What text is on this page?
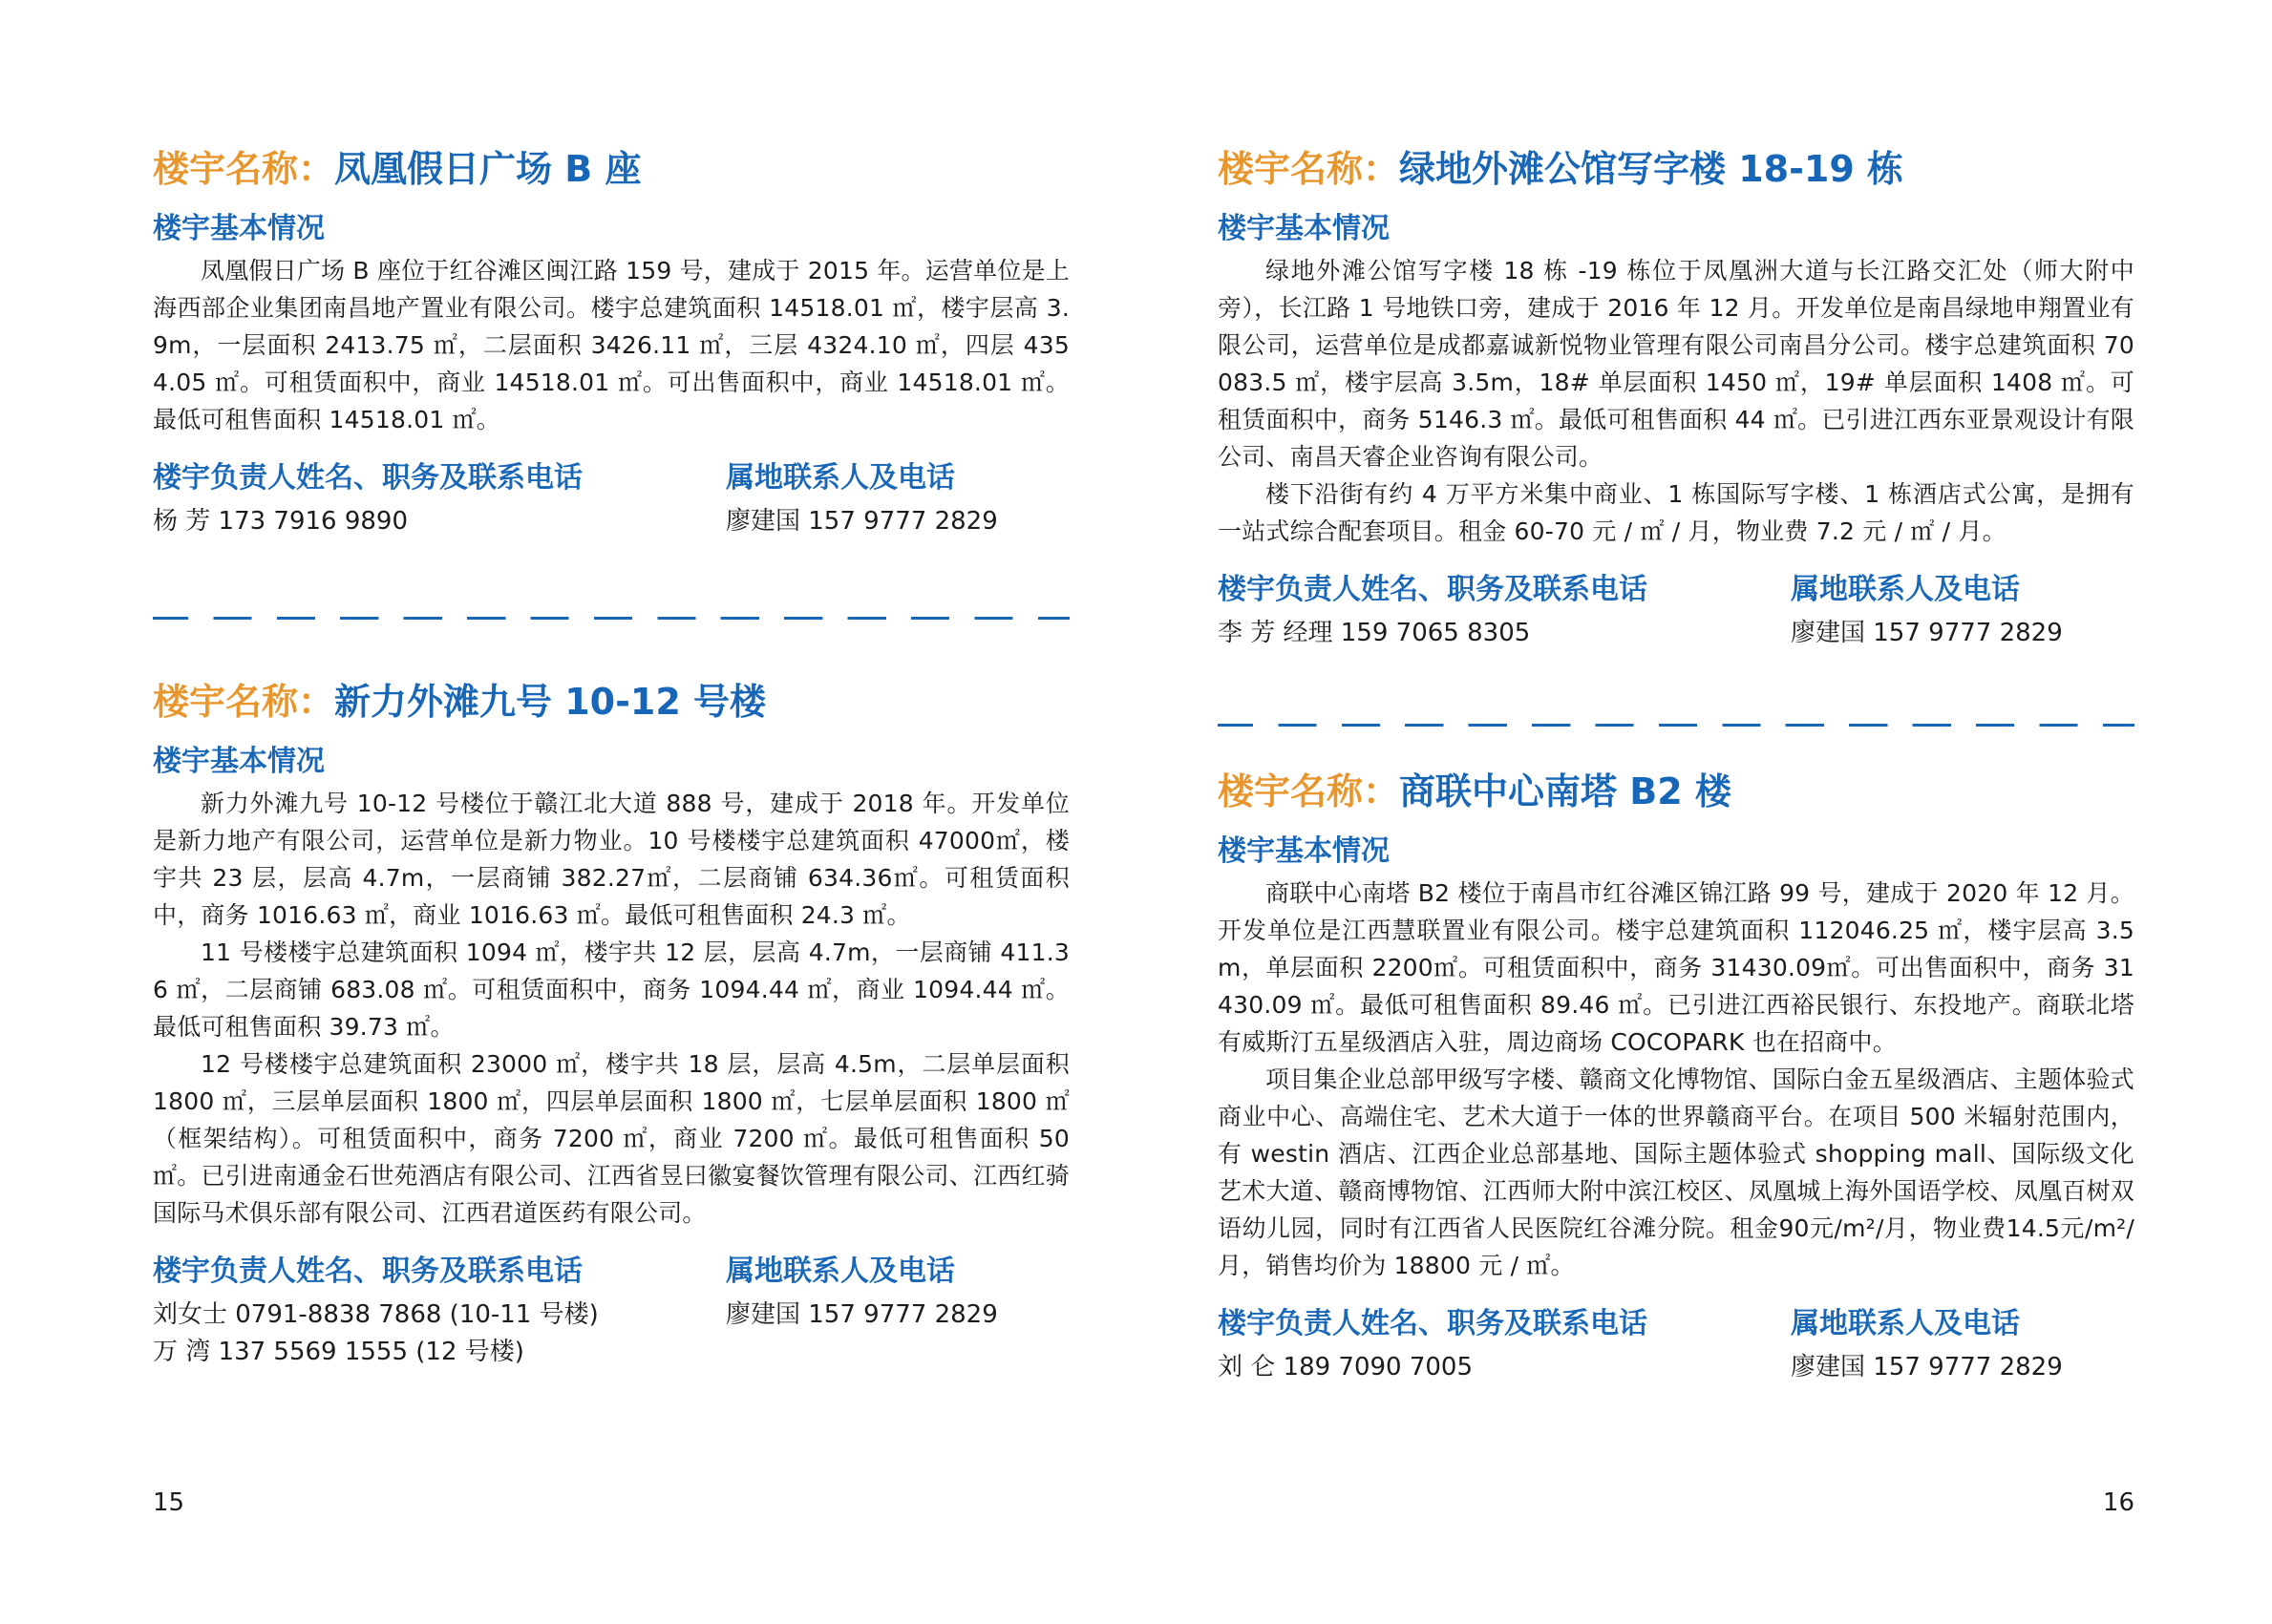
楼宇名称：凤凰假日广场 B 座
楼宇基本情况

凤凰假日广场 B 座位于红谷滩区闽江路 159 号，建成于 2015 年。运营单位是上海西部企业集团南昌地产置业有限公司。楼宇总建筑面积 14518.01 ㎡，楼宇层高 3.9m，一层面积 2413.75 ㎡，二层面积 3426.11 ㎡，三层 4324.10 ㎡，四层 4354.05 ㎡。可租赁面积中，商业 14518.01 ㎡。可出售面积中，商业 14518.01 ㎡。最低可租售面积 14518.01 ㎡。

楼宇负责人姓名、职务及联系电话
杨 芳 173 7916 9890
属地联系人及电话
廖建国 157 9777 2829
楼宇名称：新力外滩九号 10-12 号楼
楼宇基本情况

新力外滩九号 10-12 号楼位于赣江北大道 888 号，建成于 2018 年。开发单位是新力地产有限公司，运营单位是新力物业。10 号楼楼宇总建筑面积 47000㎡，楼宇共 23 层，层高 4.7m，一层商铺 382.27㎡，二层商铺 634.36㎡。可租赁面积中，商务 1016.63 ㎡，商业 1016.63 ㎡。最低可租售面积 24.3 ㎡。

11 号楼楼宇总建筑面积 1094 ㎡，楼宇共 12 层，层高 4.7m，一层商铺 411.36 ㎡，二层商铺 683.08 ㎡。可租赁面积中，商务 1094.44 ㎡，商业 1094.44 ㎡。最低可租售面积 39.73 ㎡。

12 号楼楼宇总建筑面积 23000 ㎡，楼宇共 18 层，层高 4.5m，二层单层面积 1800 ㎡，三层单层面积 1800 ㎡，四层单层面积 1800 ㎡，七层单层面积 1800 ㎡（框架结构）。可租赁面积中，商务 7200 ㎡，商业 7200 ㎡。最低可租售面积 50 ㎡。已引进南通金石世苑酒店有限公司、江西省昱曰徽宴餐饮管理有限公司、江西红骑国际马术俱乐部有限公司、江西君道医药有限公司。

楼宇负责人姓名、职务及联系电话
刘女士 0791-8838 7868 (10-11 号楼)
万 湾 137 5569 1555 (12 号楼)
属地联系人及电话
廖建国 157 9777 2829
15
楼宇名称：绿地外滩公馆写字楼 18-19 栋
楼宇基本情况

绿地外滩公馆写字楼 18 栋 -19 栋位于凤凰洲大道与长江路交汇处（师大附中旁），长江路 1 号地铁口旁，建成于 2016 年 12 月。开发单位是南昌绿地申翔置业有限公司，运营单位是成都嘉诚新悦物业管理有限公司南昌分公司。楼宇总建筑面积 70083.5 ㎡，楼宇层高 3.5m，18# 单层面积 1450 ㎡，19# 单层面积 1408 ㎡。可租赁面积中，商务 5146.3 ㎡。最低可租售面积 44 ㎡。已引进江西东亚景观设计有限公司、南昌天睿企业咨询有限公司。

楼下沿街有约 4 万平方米集中商业、1 栋国际写字楼、1 栋酒店式公寓，是拥有一站式综合配套项目。租金 60-70 元 / ㎡ / 月，物业费 7.2 元 / ㎡ / 月。

楼宇负责人姓名、职务及联系电话
李 芳 经理 159 7065 8305
属地联系人及电话
廖建国 157 9777 2829
楼宇名称：商联中心南塔 B2 楼
楼宇基本情况

商联中心南塔 B2 楼位于南昌市红谷滩区锦江路 99 号，建成于 2020 年 12 月。开发单位是江西慧联置业有限公司。楼宇总建筑面积 112046.25 ㎡，楼宇层高 3.5m，单层面积 2200㎡。可租赁面积中，商务 31430.09㎡。可出售面积中，商务 31430.09 ㎡。最低可租售面积 89.46 ㎡。已引进江西裕民银行、东投地产。商联北塔有威斯汀五星级酒店入驻，周边商场 COCOPARK 也在招商中。

项目集企业总部甲级写字楼、赣商文化博物馆、国际白金五星级酒店、主题体验式商业中心、高端住宅、艺术大道于一体的世界赣商平台。在项目 500 米辐射范围内，有 westin 酒店、江西企业总部基地、国际主题体验式 shopping mall、国际级文化艺术大道、赣商博物馆、江西师大附中滨江校区、凤凰城上海外国语学校、凤凰百树双语幼儿园，同时有江西省人民医院红谷滩分院。租金90元/m²/月，物业费14.5元/m²/月，销售均价为 18800 元 / ㎡。

楼宇负责人姓名、职务及联系电话
刘 仑 189 7090 7005
属地联系人及电话
廖建国 157 9777 2829
16
